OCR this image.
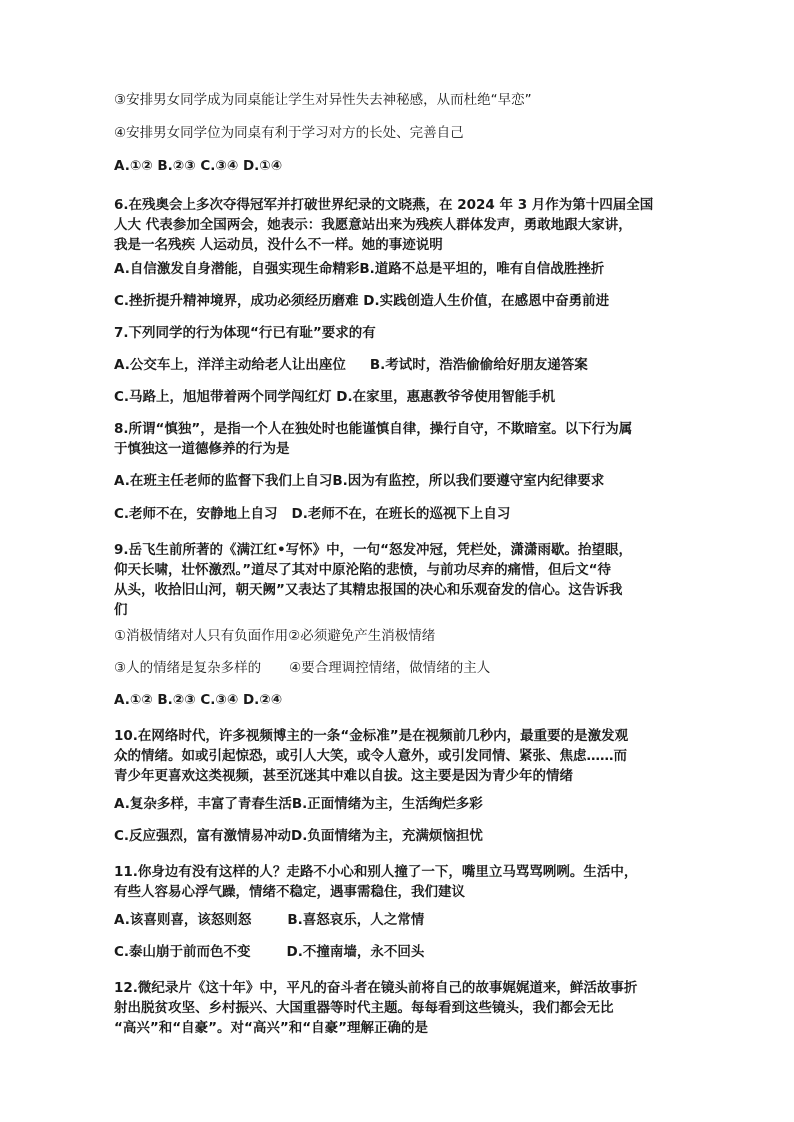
③安排男女同学成为同桌能让学生对异性失去神秘感，从而杜绝“早恋”
④安排男女同学位为同桌有利于学习对方的长处、完善自己
A.①② B.②③ C.③④ D.①④
6.在残奥会上多次夺得冠军并打破世界纪录的文晓燕，在 2024 年 3 月作为第十四届全国
人大 代表参加全国两会，她表示：我愿意站出来为残疾人群体发声，勇敢地跟大家讲，
我是一名残疾 人运动员，没什么不一样。她的事迹说明
A.自信激发自身潜能，自强实现生命精彩B.道路不总是平坦的，唯有自信战胜挫折
C.挫折提升精神境界，成功必须经历磨难 D.实践创造人生价值，在感恩中奋勇前进
7.下列同学的行为体现“行已有耻”要求的有
A.公交车上，洋洋主动给老人让出座位 B.考试时，浩浩偷偷给好朋友递答案
C.马路上，旭旭带着两个同学闯红灯 D.在家里，惠惠教爷爷使用智能手机
8.所谓“慎独”，是指一个人在独处时也能谨慎自律，操行自守，不欺暗室。以下行为属
于慎独这一道德修养的行为是
A.在班主任老师的监督下我们上自习B.因为有监控，所以我们要遵守室内纪律要求
C.老师不在，安静地上自习 D.老师不在，在班长的巡视下上自习
9.岳飞生前所著的《满江红•写怀》中，一句“怒发冲冠，凭栏处，潇潇雨歇。抬望眼，
仰天长啸，壮怀激烈。”道尽了其对中原沦陷的悲愤，与前功尽弃的痛惜，但后文“待
从头，收拾旧山河，朝天阙”又表达了其精忠报国的决心和乐观奋发的信心。这告诉我
们
①消极情绪对人只有负面作用②必须避免产生消极情绪
③人的情绪是复杂多样的 ④要合理调控情绪，做情绪的主人
A.①② B.②③ C.③④ D.②④
10.在网络时代，许多视频博主的一条“金标准”是在视频前几秒内，最重要的是激发观
众的情绪。如或引起惊恐，或引人大笑，或令人意外，或引发同情、紧张、焦虑……而
青少年更喜欢这类视频，甚至沉迷其中难以自拔。这主要是因为青少年的情绪
A.复杂多样，丰富了青春生活B.正面情绪为主，生活绚烂多彩
C.反应强烈，富有激情易冲动D.负面情绪为主，充满烦恼担忧
11.你身边有没有这样的人？走路不小心和别人撞了一下，嘴里立马骂骂咧咧。生活中，
有些人容易心浮气躁，情绪不稳定，遇事需稳住，我们建议
A.该喜则喜，该怒则怒	B.喜怒哀乐，人之常情
C.泰山崩于前而色不变	D.不撞南墙，永不回头
12.微纪录片《这十年》中，平凡的奋斗者在镜头前将自己的故事娓娓道来，鲜活故事折
射出脱贫攻坚、乡村振兴、大国重器等时代主题。每每看到这些镜头，我们都会无比
“高兴”和“自豪”。对“高兴”和“自豪”理解正确的是
